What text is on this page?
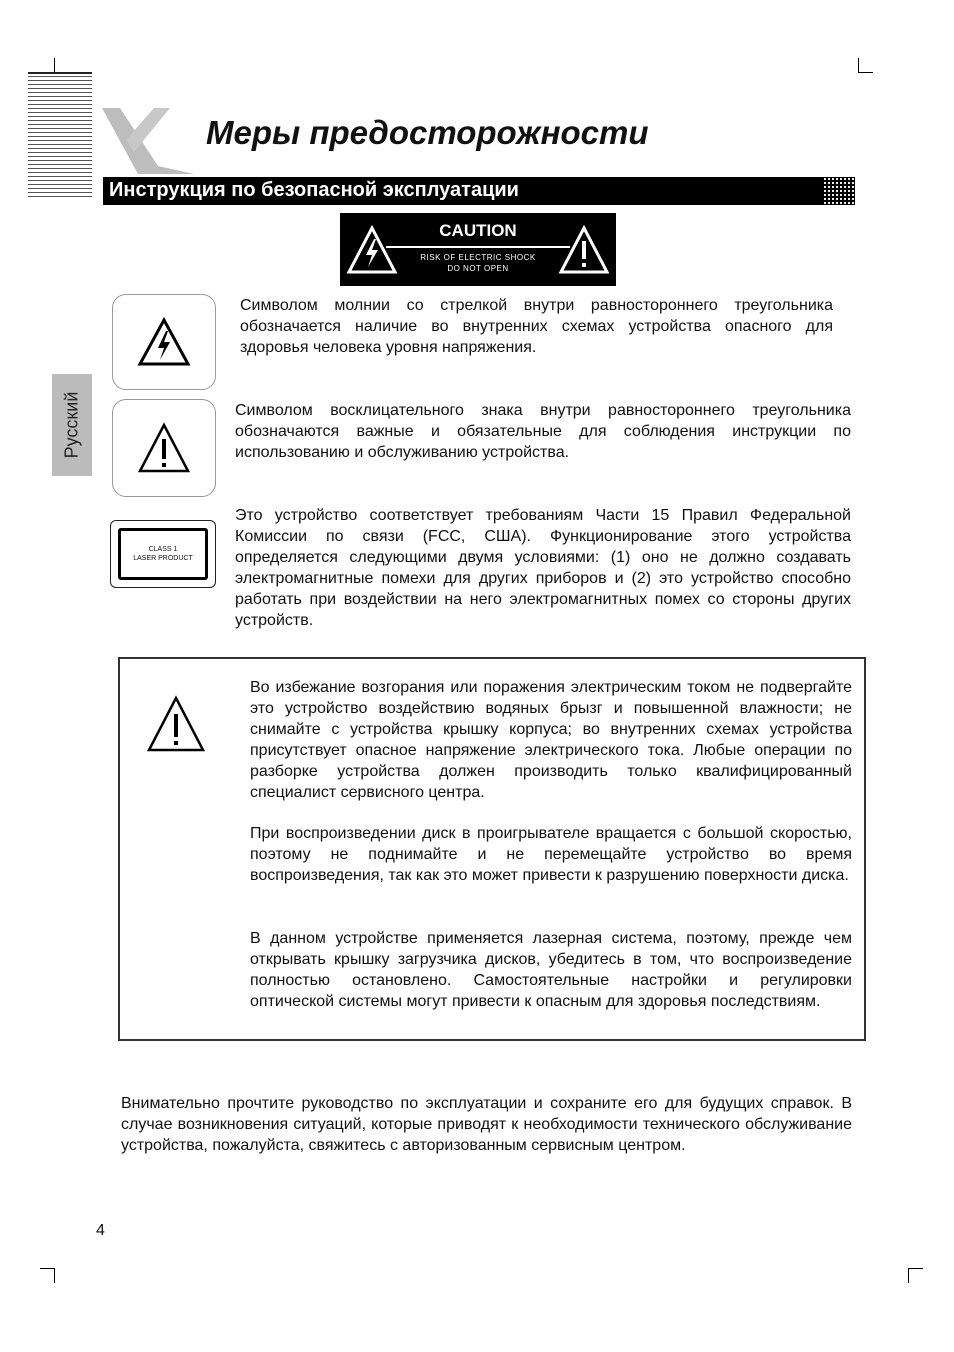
Меры предосторожности
Инструкция по безопасной эксплуатации
CAUTION
RISK OF ELECTRIC SHOCK
DO NOT OPEN
Русский

Символом молнии со стрелкой внутри равностороннего треугольника обозначается наличие во внутренних схемах устройства опасного для здоровья человека уровня напряжения.

Символом восклицательного знака внутри равностороннего треугольника обозначаются важные и обязательные для соблюдения инструкции по использованию и обслуживанию устройства.

CLASS 1
LASER PRODUCT

Это устройство соответствует требованиям Части 15 Правил Федеральной Комиссии по связи (FCC, США). Функционирование этого устройства определяется следующими двумя условиями: (1) оно не должно создавать электромагнитные помехи для других приборов и (2) это устройство способно работать при воздействии на него электромагнитных помех со стороны других устройств.

Во избежание возгорания или поражения электрическим током не подвергайте это устройство воздействию водяных брызг и повышенной влажности; не снимайте с устройства крышку корпуса; во внутренних схемах устройства присутствует опасное напряжение электрического тока. Любые операции по разборке устройства должен производить только квалифицированный специалист сервисного центра.

При воспроизведении диск в проигрывателе вращается с большой скоростью, поэтому не поднимайте и не перемещайте устройство во время воспроизведения, так как это может привести к разрушению поверхности диска.

В данном устройстве применяется лазерная система, поэтому, прежде чем открывать крышку загрузчика дисков, убедитесь в том, что воспроизведение полностью остановлено. Самостоятельные настройки и регулировки оптической системы могут привести к опасным для здоровья последствиям.

Внимательно прочтите руководство по эксплуатации и сохраните его для будущих справок. В случае возникновения ситуаций, которые приводят к необходимости технического обслуживание устройства, пожалуйста, свяжитесь с авторизованным сервисным центром.

4
